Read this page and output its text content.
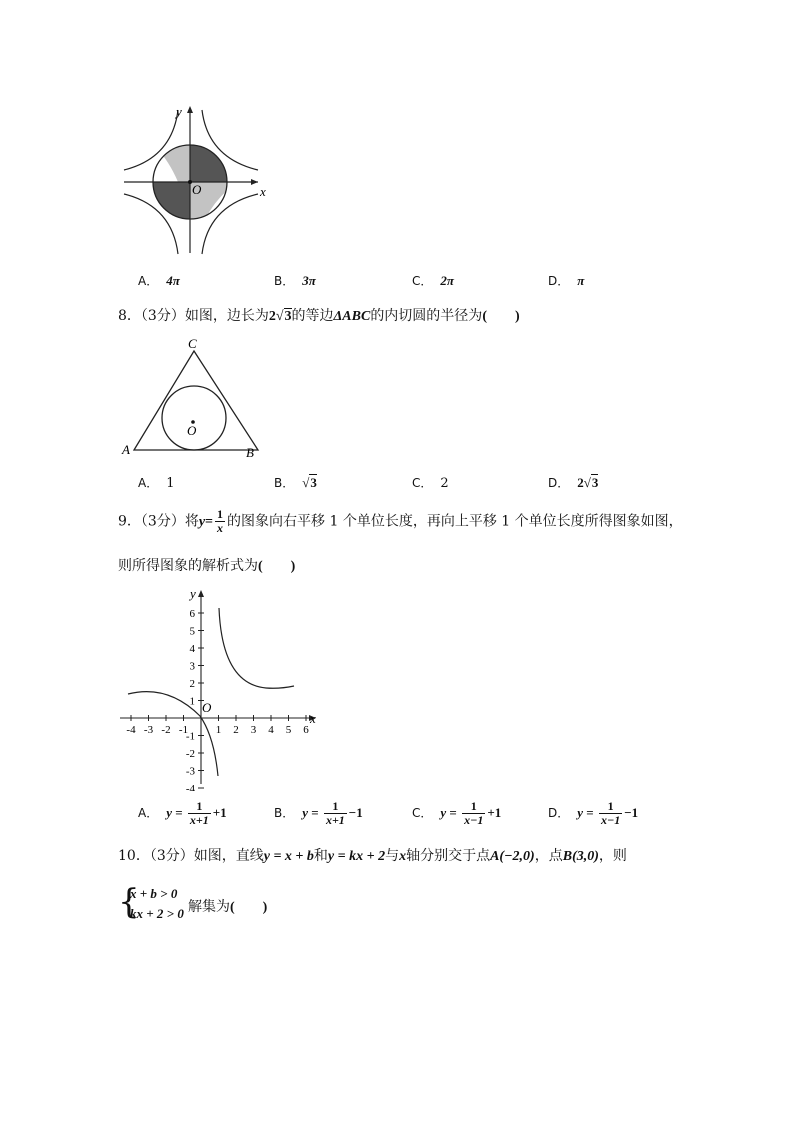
y
x
O
A． 4π	B． 3π	C． 2π	D． π
8．（3分）如图，边长为2√3的等边ΔABC的内切圆的半径为(　　)
C
A	B
O
A． 1	B． √3	C． 2	D． 2√3
9．（3分）将$y= \frac{1}{x}$ 的图象向右平移 1 个单位长度，再向上平移 1 个单位长度所得图象如图，
则所得图象的解析式为(　　)
6
5
4
3
2
1
-1
-2
-3
-4
-4 -3 -2 -1	1 2 3 4 5 6
y
x
O
A． $y = \frac{1}{x+1} +1$	B． $y = \frac{1}{x+1} -1$	C． $y = \frac{1}{x-1} +1$	D． $y = \frac{1}{x-1} -1$
10．（3分）如图，直线y = x + b和y = kx + 2与x轴分别交于点A(−2,0)，点B(3,0)，则
{
x + b > 0
kx + 2 > 0 解集为(　　)
